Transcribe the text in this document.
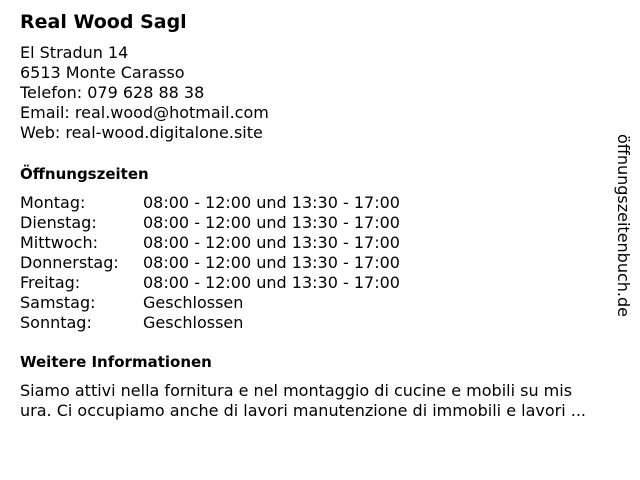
Real Wood Sagl
El Stradun 14
6513 Monte Carasso
Telefon: 079 628 88 38
Email: real.wood@hotmail.com
Web: real-wood.digitalone.site
Öffnungszeiten
Montag:	08:00 - 12:00 und 13:30 - 17:00
Dienstag:	08:00 - 12:00 und 13:30 - 17:00
Mittwoch:	08:00 - 12:00 und 13:30 - 17:00
Donnerstag:	08:00 - 12:00 und 13:30 - 17:00
Freitag:	08:00 - 12:00 und 13:30 - 17:00
Samstag:	Geschlossen
Sonntag:	Geschlossen
Weitere Informationen
Siamo attivi nella fornitura e nel montaggio di cucine e mobili su mis
ura. Ci occupiamo anche di lavori manutenzione di immobili e lavori ...
öffnungszeitenbuch.de
